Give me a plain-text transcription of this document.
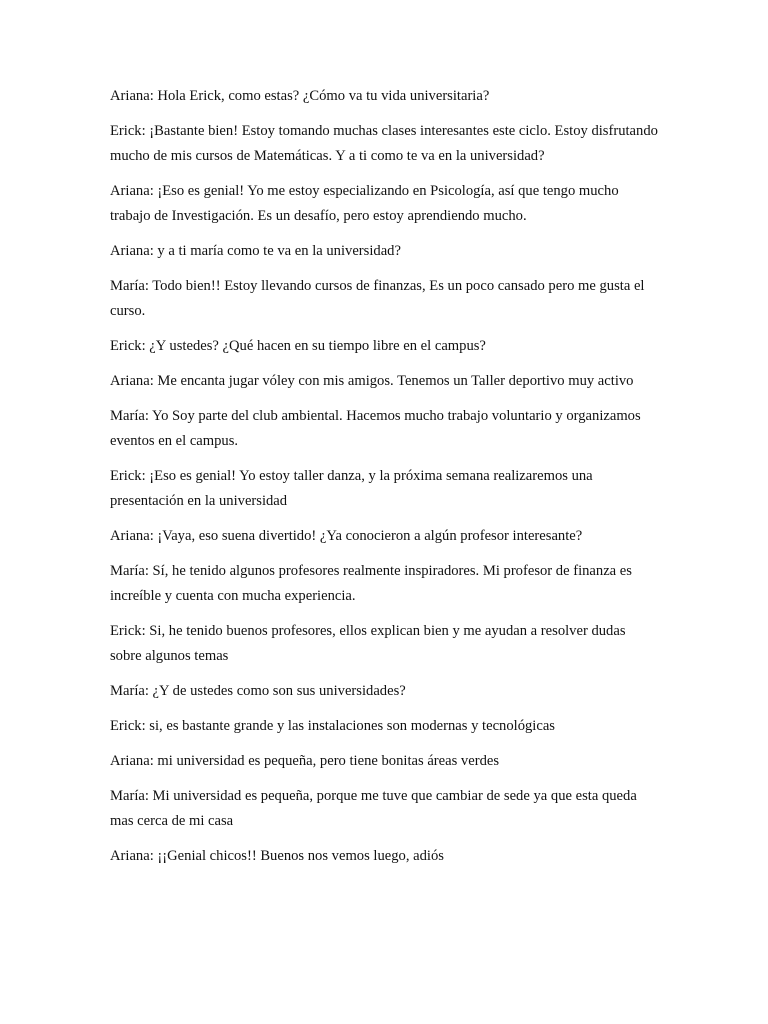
Ariana: Hola Erick, como estas? ¿Cómo va tu vida universitaria?

Erick: ¡Bastante bien! Estoy tomando muchas clases interesantes este ciclo. Estoy disfrutando mucho de mis cursos de Matemáticas. Y a ti como te va en la universidad?

Ariana: ¡Eso es genial! Yo me estoy especializando en Psicología, así que tengo mucho trabajo de Investigación. Es un desafío, pero estoy aprendiendo mucho.

Ariana: y a ti maría como te va en la universidad?

María: Todo bien!! Estoy llevando cursos de finanzas, Es un poco cansado pero me gusta el curso.

Erick: ¿Y ustedes? ¿Qué hacen en su tiempo libre en el campus?

Ariana: Me encanta jugar vóley con mis amigos. Tenemos un Taller deportivo muy activo

María: Yo Soy parte del club ambiental. Hacemos mucho trabajo voluntario y organizamos eventos en el campus.

Erick: ¡Eso es genial! Yo estoy taller danza, y la próxima semana realizaremos una presentación en la universidad

Ariana: ¡Vaya, eso suena divertido! ¿Ya conocieron a algún profesor interesante?

María: Sí, he tenido algunos profesores realmente inspiradores. Mi profesor de finanza es increíble y cuenta con mucha experiencia.

Erick: Si, he tenido buenos profesores, ellos explican bien y me ayudan a resolver dudas sobre algunos temas

María: ¿Y de ustedes como son sus universidades?

Erick: si, es bastante grande y las instalaciones son modernas y tecnológicas

Ariana: mi universidad es pequeña, pero tiene bonitas áreas verdes

María: Mi universidad es pequeña, porque me tuve que cambiar de sede ya que esta queda mas cerca de mi casa

Ariana: ¡¡Genial chicos!! Buenos nos vemos luego, adiós
